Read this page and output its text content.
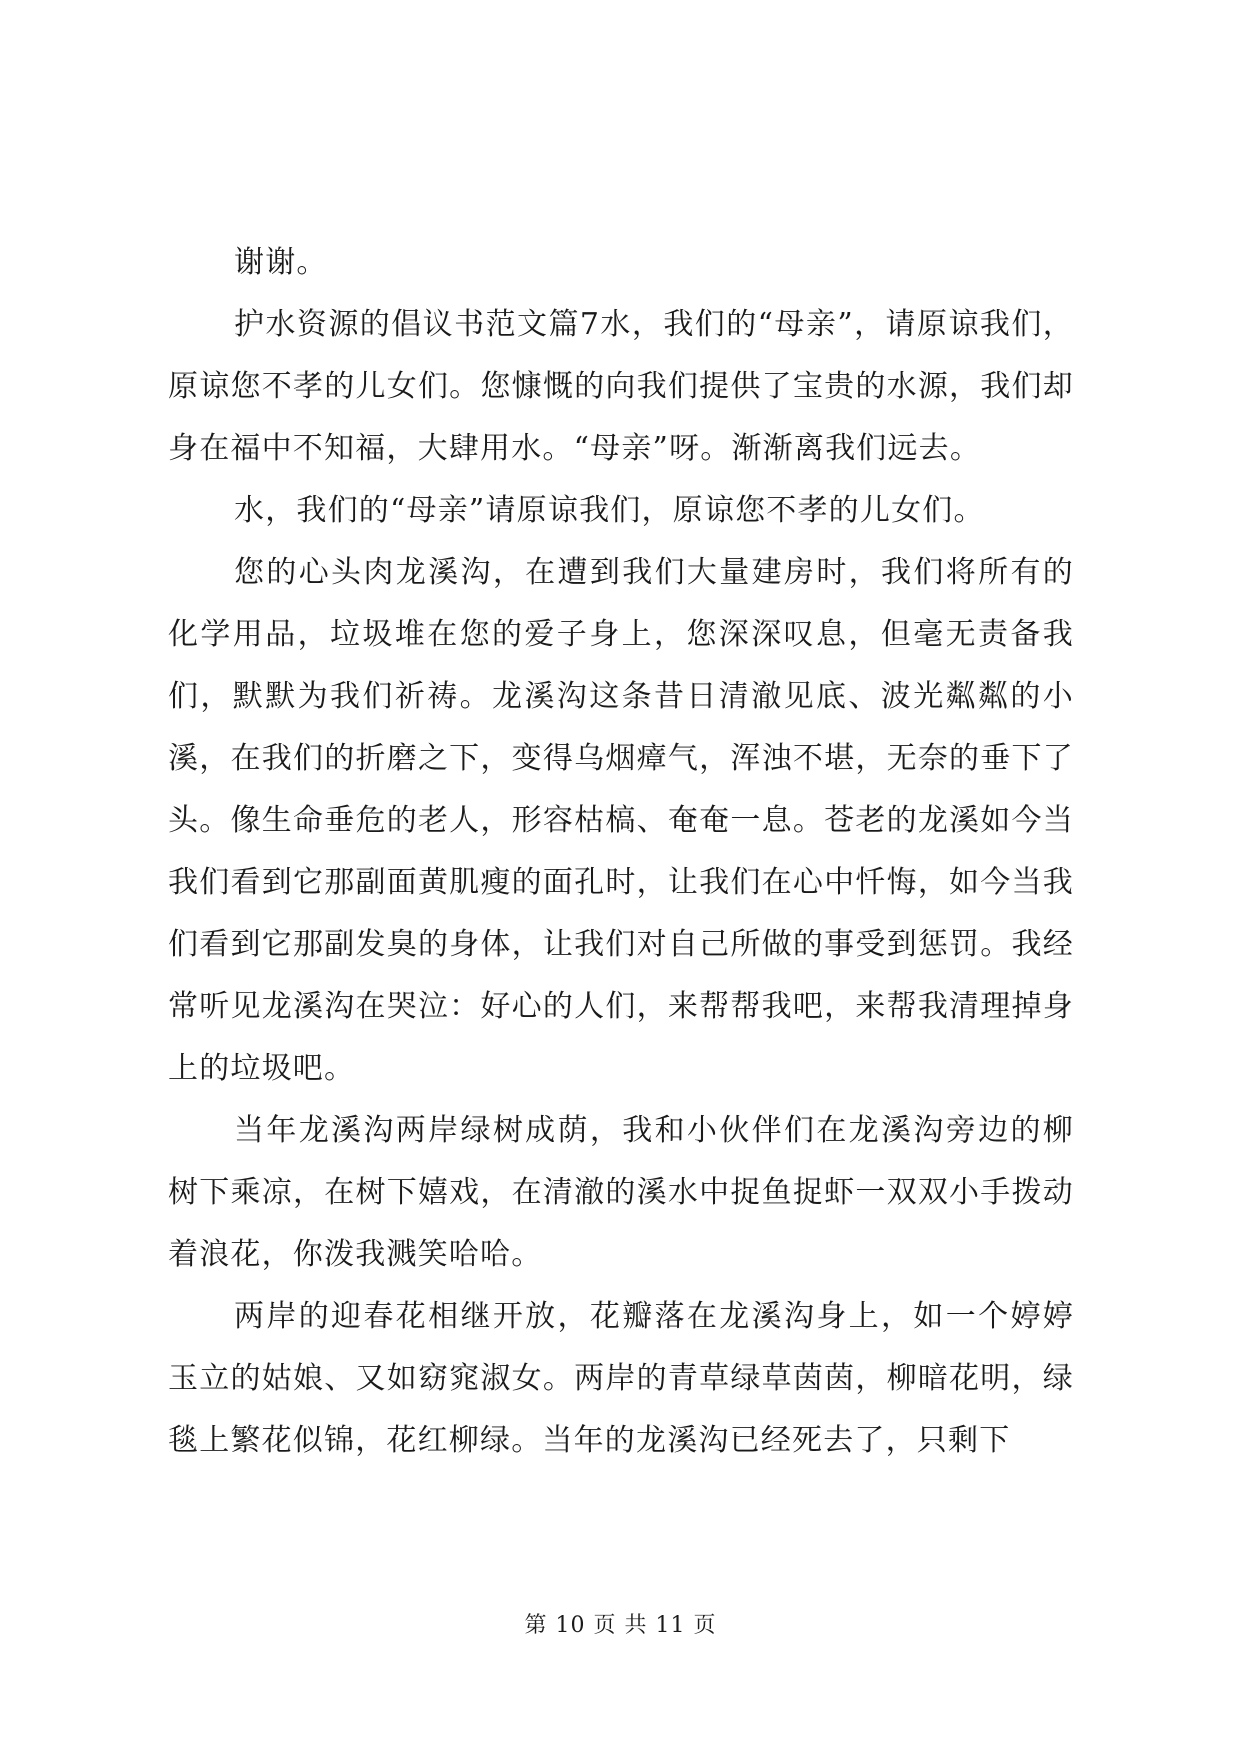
谢谢。

护水资源的倡议书范文篇7水，我们的“母亲”，请原谅我们，原谅您不孝的儿女们。您慷慨的向我们提供了宝贵的水源，我们却身在福中不知福，大肆用水。“母亲”呀。渐渐离我们远去。

水，我们的“母亲”请原谅我们，原谅您不孝的儿女们。

您的心头肉龙溪沟，在遭到我们大量建房时，我们将所有的化学用品，垃圾堆在您的爱子身上，您深深叹息，但毫无责备我们，默默为我们祈祷。龙溪沟这条昔日清澈见底、波光粼粼的小溪，在我们的折磨之下，变得乌烟瘴气，浑浊不堪，无奈的垂下了头。像生命垂危的老人，形容枯槁、奄奄一息。苍老的龙溪如今当我们看到它那副面黄肌瘦的面孔时，让我们在心中忏悔，如今当我们看到它那副发臭的身体，让我们对自己所做的事受到惩罚。我经常听见龙溪沟在哭泣：好心的人们，来帮帮我吧，来帮我清理掉身上的垃圾吧。

当年龙溪沟两岸绿树成荫，我和小伙伴们在龙溪沟旁边的柳树下乘凉，在树下嬉戏，在清澈的溪水中捉鱼捉虾一双双小手拨动着浪花，你泼我溅笑哈哈。

两岸的迎春花相继开放，花瓣落在龙溪沟身上，如一个婷婷玉立的姑娘、又如窈窕淑女。两岸的青草绿草茵茵，柳暗花明，绿毯上繁花似锦，花红柳绿。当年的龙溪沟已经死去了，只剩下

第 10 页 共 11 页
